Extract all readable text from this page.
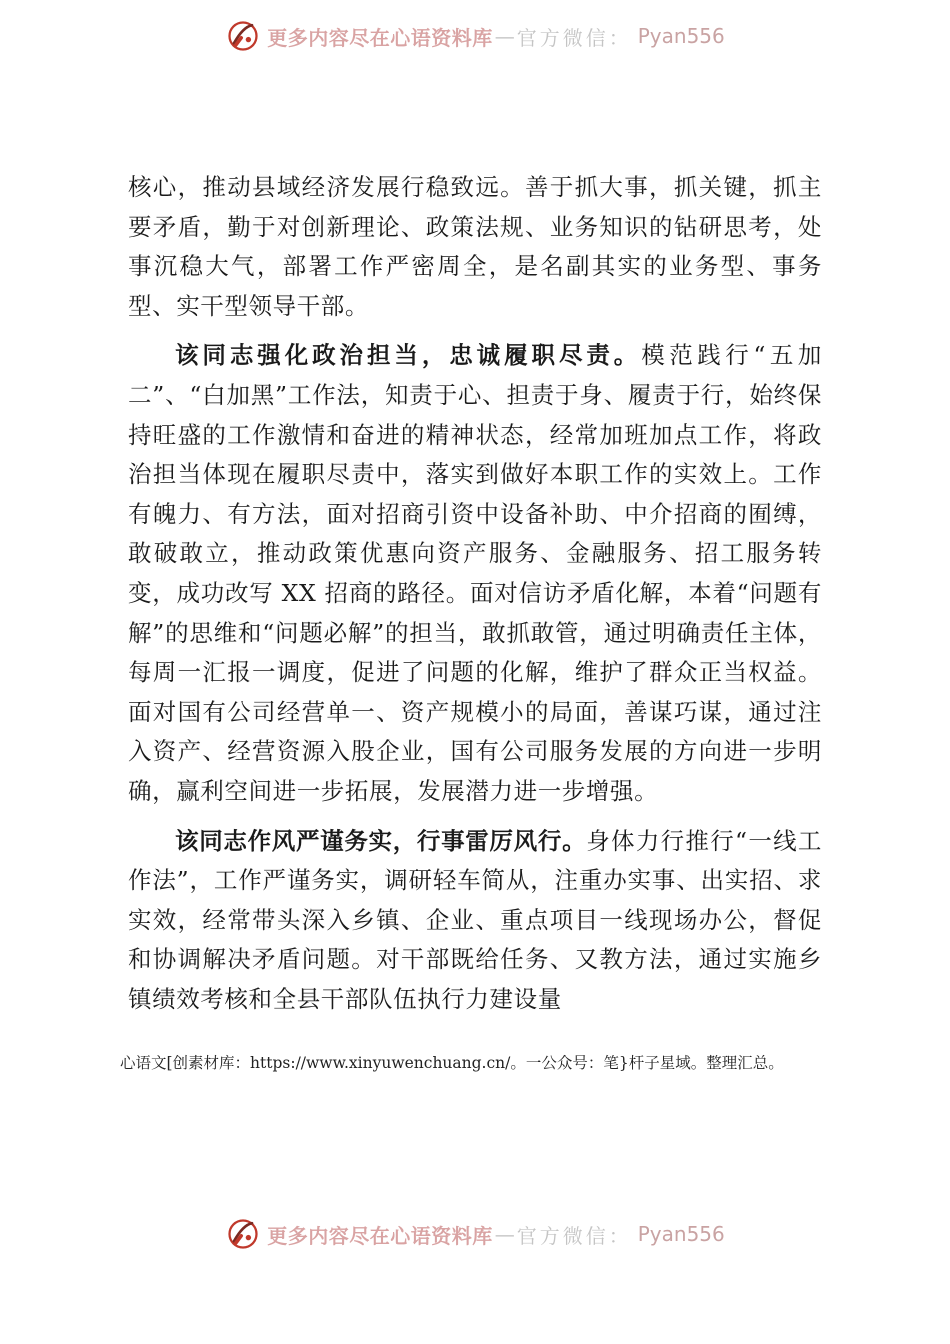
更多内容尽在心语资料库 — 官方微信： Pyan556

核心，推动县域经济发展行稳致远。善于抓大事，抓关键，抓主要矛盾，勤于对创新理论、政策法规、业务知识的钻研思考，处事沉稳大气，部署工作严密周全，是名副其实的业务型、事务型、实干型领导干部。

该同志强化政治担当，忠诚履职尽责。模范践行“五加二”、“白加黑”工作法，知责于心、担责于身、履责于行，始终保持旺盛的工作激情和奋进的精神状态，经常加班加点工作，将政治担当体现在履职尽责中，落实到做好本职工作的实效上。工作有魄力、有方法，面对招商引资中设备补助、中介招商的囿缚，敢破敢立，推动政策优惠向资产服务、金融服务、招工服务转变，成功改写 XX 招商的路径。面对信访矛盾化解，本着“问题有解”的思维和“问题必解”的担当，敢抓敢管，通过明确责任主体，每周一汇报一调度，促进了问题的化解，维护了群众正当权益。面对国有公司经营单一、资产规模小的局面，善谋巧谋，通过注入资产、经营资源入股企业，国有公司服务发展的方向进一步明确，赢利空间进一步拓展，发展潜力进一步增强。

该同志作风严谨务实，行事雷厉风行。身体力行推行“一线工作法”，工作严谨务实，调研轻车简从，注重办实事、出实招、求实效，经常带头深入乡镇、企业、重点项目一线现场办公，督促和协调解决矛盾问题。对干部既给任务、又教方法，通过实施乡镇绩效考核和全县干部队伍执行力建设量

心语文[创素材库：https://www.xinyuwenchuang.cn/。一公众号：笔}杆子星域。整理汇总。
更多内容尽在心语资料库 — 官方微信： Pyan556
